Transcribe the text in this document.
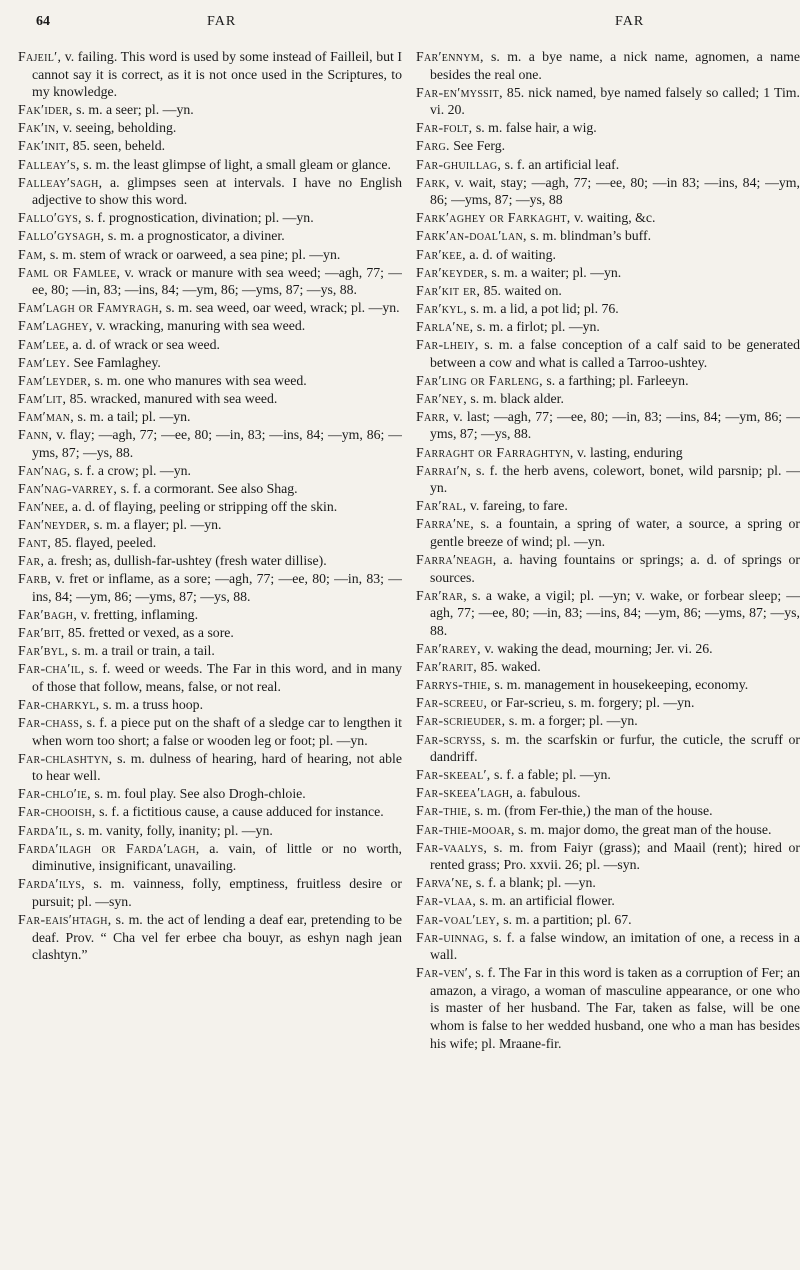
64	FAR	FAR

Fajeil′, v. failing. This word is used by some instead of Failleil, but I cannot say it is correct, as it is not once used in the Scriptures, to my knowledge.

Fak′ider, s. m. a seer; pl. —yn.

Fak′in, v. seeing, beholding.

Fak′init, 85. seen, beheld.

Falleay′s, s. m. the least glimpse of light, a small gleam or glance.

Falleay′sagh, a. glimpses seen at intervals. I have no English adjective to show this word.

Fallo′gys, s. f. prognostication, divination; pl. —yn.

Fallo′gysagh, s. m. a prognosticator, a diviner.

Fam, s. m. stem of wrack or oarweed, a sea pine; pl. —yn.

Faml or Famlee, v. wrack or manure with sea weed; —agh, 77; —ee, 80; —in, 83; —ins, 84; —ym, 86; —yms, 87; —ys, 88.

Fam′lagh or Famyragh, s. m. sea weed, oar weed, wrack; pl. —yn.

Fam′laghey, v. wracking, manuring with sea weed.

Fam′lee, a. d. of wrack or sea weed.

Fam′ley. See Famlaghey.

Fam′leyder, s. m. one who manures with sea weed.

Fam′lit, 85. wracked, manured with sea weed.

Fam′man, s. m. a tail; pl. —yn.

Fann, v. flay; —agh, 77; —ee, 80; —in, 83; —ins, 84; —ym, 86; —yms, 87; —ys, 88.

Fan′nag, s. f. a crow; pl. —yn.

Fan′nag-varrey, s. f. a cormorant. See also Shag.

Fan′nee, a. d. of flaying, peeling or stripping off the skin.

Fan′neyder, s. m. a flayer; pl. —yn.

Fant, 85. flayed, peeled.

Far, a. fresh; as, dullish-far-ushtey (fresh water dillise).

Farb, v. fret or inflame, as a sore; —agh, 77; —ee, 80; —in, 83; —ins, 84; —ym, 86; —yms, 87; —ys, 88.

Far′bagh, v. fretting, inflaming.

Far′bit, 85. fretted or vexed, as a sore.

Far′byl, s. m. a trail or train, a tail.

Far-cha′il, s. f. weed or weeds. The Far in this word, and in many of those that follow, means, false, or not real.

Far-charkyl, s. m. a truss hoop.

Far-chass, s. f. a piece put on the shaft of a sledge car to lengthen it when worn too short; a false or wooden leg or foot; pl. —yn.

Far-chlashtyn, s. m. dulness of hearing, hard of hearing, not able to hear well.

Far-chlo′ie, s. m. foul play. See also Drogh-chloie.

Far-chooish, s. f. a fictitious cause, a cause adduced for instance.

Farda′il, s. m. vanity, folly, inanity; pl. —yn.

Farda′ilagh or Farda′lagh, a. vain, of little or no worth, diminutive, insignificant, unavailing.

Farda′ilys, s. m. vainness, folly, emptiness, fruitless desire or pursuit; pl. —syn.

Far-eais′htagh, s. m. the act of lending a deaf ear, pretending to be deaf. Prov. “ Cha vel fer erbee cha bouyr, as eshyn nagh jean clashtyn.”

Far′ennym, s. m. a bye name, a nick name, agnomen, a name besides the real one.

Far-en′myssit, 85. nick named, bye named falsely so called; 1 Tim. vi. 20.

Far-folt, s. m. false hair, a wig.

Farg. See Ferg.

Far-ghuillag, s. f. an artificial leaf.

Fark, v. wait, stay; —agh, 77; —ee, 80; —in 83; —ins, 84; —ym, 86; —yms, 87; —ys, 88

Fark′aghey or Farkaght, v. waiting, &c.

Fark′an-doal′lan, s. m. blindman’s buff.

Far′kee, a. d. of waiting.

Far′keyder, s. m. a waiter; pl. —yn.

Far′kit er, 85. waited on.

Far′kyl, s. m. a lid, a pot lid; pl. 76.

Farla′ne, s. m. a firlot; pl. —yn.

Far-lheiy, s. m. a false conception of a calf said to be generated between a cow and what is called a Tarroo-ushtey.

Far′ling or Farleng, s. a farthing; pl. Farleeyn.

Far′ney, s. m. black alder.

Farr, v. last; —agh, 77; —ee, 80; —in, 83; —ins, 84; —ym, 86; —yms, 87; —ys, 88.

Farraght or Farraghtyn, v. lasting, enduring

Farrai′n, s. f. the herb avens, colewort, bonet, wild parsnip; pl. —yn.

Far′ral, v. fareing, to fare.

Farra′ne, s. a fountain, a spring of water, a source, a spring or gentle breeze of wind; pl. —yn.

Farra′neagh, a. having fountains or springs; a. d. of springs or sources.

Far′rar, s. a wake, a vigil; pl. —yn; v. wake, or forbear sleep; —agh, 77; —ee, 80; —in, 83; —ins, 84; —ym, 86; —yms, 87; —ys, 88.

Far′rarey, v. waking the dead, mourning; Jer. vi. 26.

Far′rarit, 85. waked.

Farrys-thie, s. m. management in housekeeping, economy.

Far-screeu, or Far-scrieu, s. m. forgery; pl. —yn.

Far-scrieuder, s. m. a forger; pl. —yn.

Far-scryss, s. m. the scarfskin or furfur, the cuticle, the scruff or dandriff.

Far-skeeal′, s. f. a fable; pl. —yn.

Far-skeea′lagh, a. fabulous.

Far-thie, s. m. (from Fer-thie,) the man of the house.

Far-thie-mooar, s. m. major domo, the great man of the house.

Far-vaalys, s. m. from Faiyr (grass); and Maail (rent); hired or rented grass; Pro. xxvii. 26; pl. —syn.

Farva′ne, s. f. a blank; pl. —yn.

Far-vlaa, s. m. an artificial flower.

Far-voal′ley, s. m. a partition; pl. 67.

Far-uinnag, s. f. a false window, an imitation of one, a recess in a wall.

Far-ven′, s. f. The Far in this word is taken as a corruption of Fer; an amazon, a virago, a woman of masculine appearance, or one who is master of her husband. The Far, taken as false, will be one whom is false to her wedded husband, one who a man has besides his wife; pl. Mraane-fir.
